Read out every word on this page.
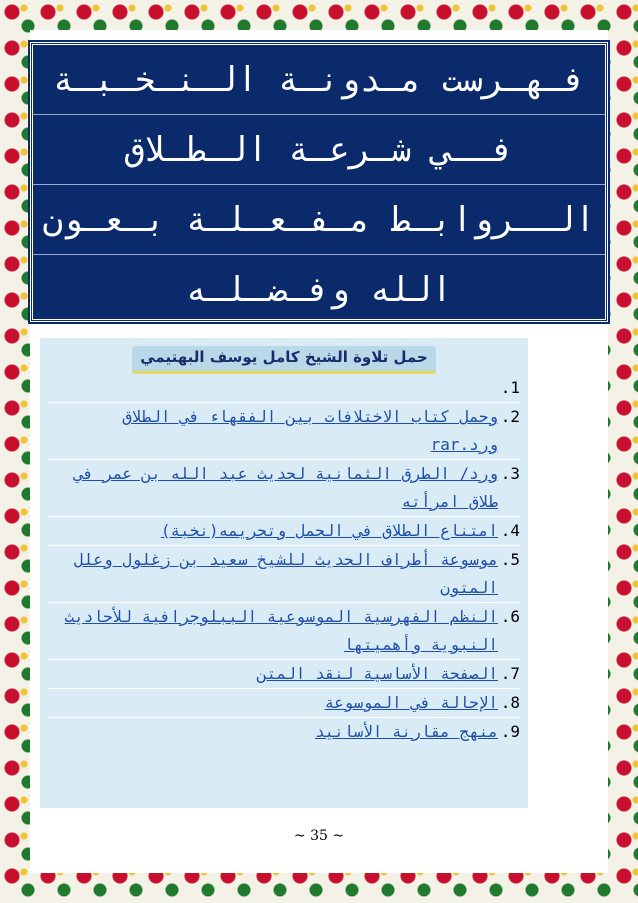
فـهـرست مـدونـة الـنـخـبـة
فــي شـرعـة الـطـلاق
الــروابـط مـفـعـلـة بـعـون
الله وفـضـلـه
حمل تلاوة الشيخ كامل يوسف البهتيمي
1.
2.
وحمل كتاب الاختلافات بين الفقهاء في الطلاق ورد.rar
3.
ورد/ الطرق الثمانية لحديث عبد الله بن عمر في طلاق امرأته
4.
امتناع الطلاق في الحمل وتحريمه(نخبة)
5.
موسوعة أطراف الحديث للشيخ سعيد بن زغلول وعلل المتون
6.
النظم الفهرسية الموسوعية الببلوجرافية للأحاديث النبوية وأهميتها
7.
الصفحة الأساسية لنقد المتن
8.
الإحالة في الموسوعة
9.
منهج مقارنة الأسانيد
~ 35 ~
